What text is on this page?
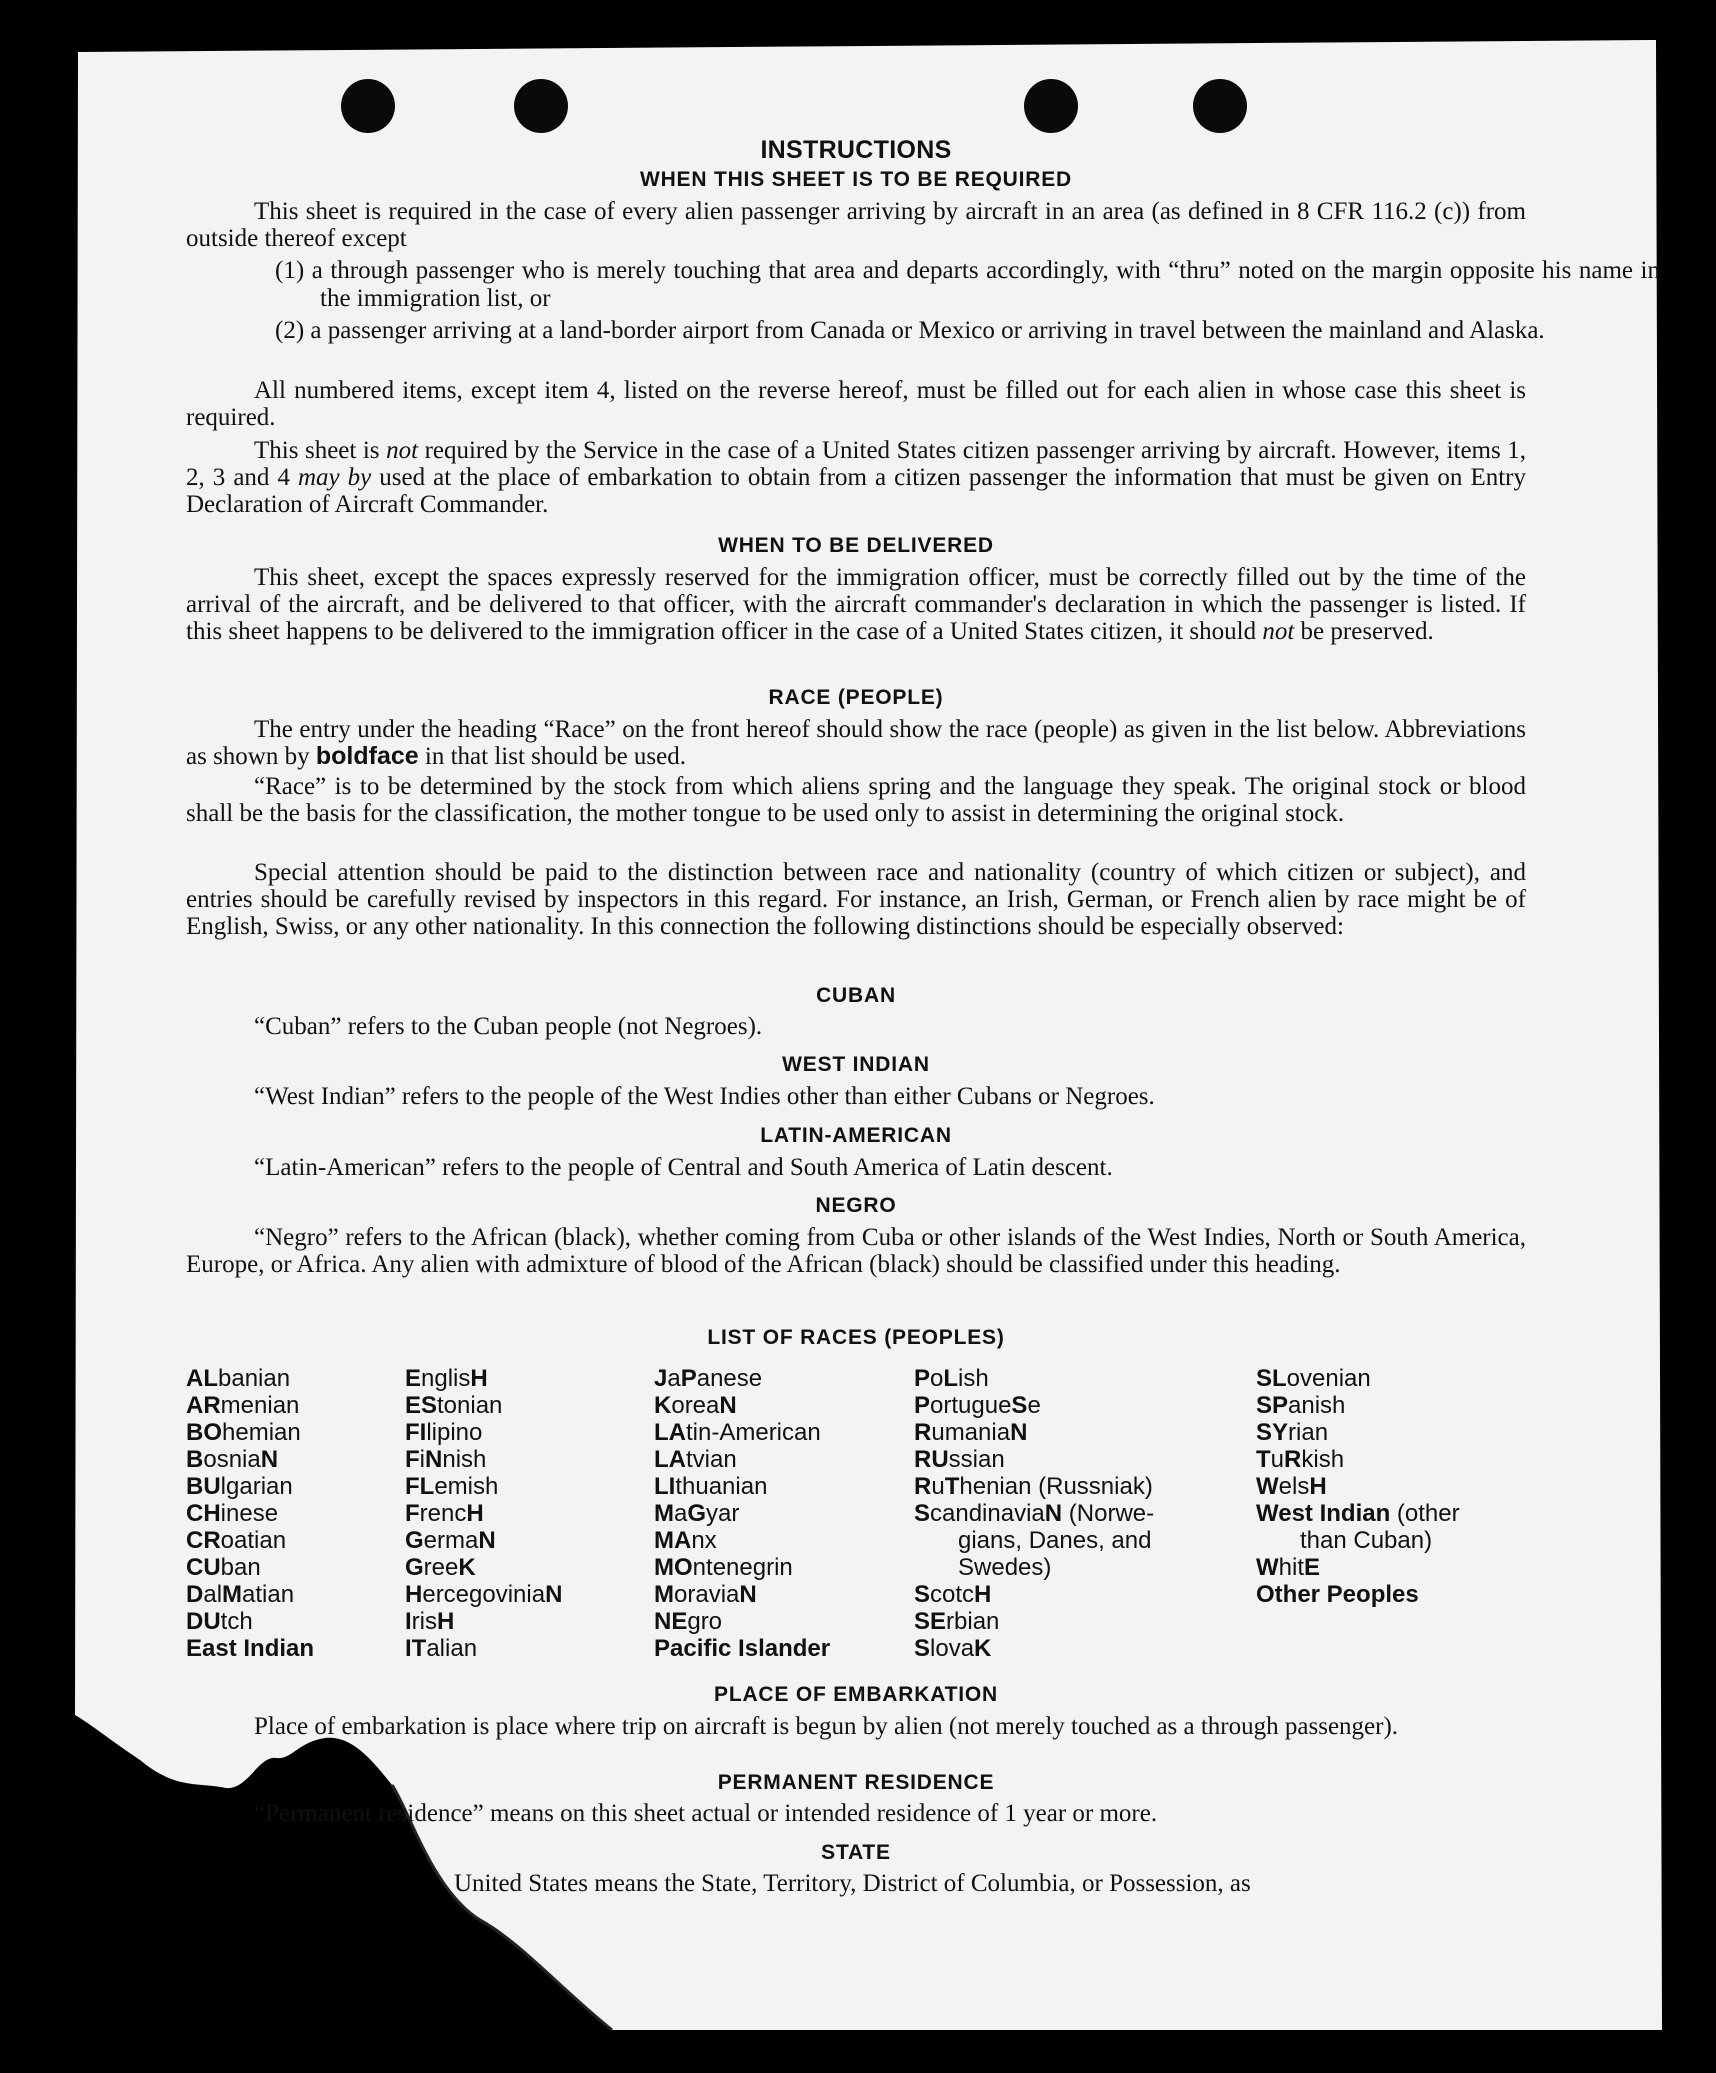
INSTRUCTIONS
WHEN THIS SHEET IS TO BE REQUIRED
This sheet is required in the case of every alien passenger arriving by aircraft in an area (as defined in 8 CFR 116.2 (c)) from outside thereof except
(1) a through passenger who is merely touching that area and departs accordingly, with “thru” noted on the margin opposite his name in the immigration list, or
(2) a passenger arriving at a land-border airport from Canada or Mexico or arriving in travel between the mainland and Alaska.
All numbered items, except item 4, listed on the reverse hereof, must be filled out for each alien in whose case this sheet is required.
This sheet is not required by the Service in the case of a United States citizen passenger arriving by aircraft. However, items 1, 2, 3 and 4 may by used at the place of embarkation to obtain from a citizen passenger the information that must be given on Entry Declaration of Aircraft Commander.
WHEN TO BE DELIVERED
This sheet, except the spaces expressly reserved for the immigration officer, must be correctly filled out by the time of the arrival of the aircraft, and be delivered to that officer, with the aircraft commander's declaration in which the passenger is listed. If this sheet happens to be delivered to the immigration officer in the case of a United States citizen, it should not be preserved.
RACE (PEOPLE)
The entry under the heading “Race” on the front hereof should show the race (people) as given in the list below. Abbreviations as shown by boldface in that list should be used.
“Race” is to be determined by the stock from which aliens spring and the language they speak. The original stock or blood shall be the basis for the classification, the mother tongue to be used only to assist in determining the original stock.
Special attention should be paid to the distinction between race and nationality (country of which citizen or subject), and entries should be carefully revised by inspectors in this regard. For instance, an Irish, German, or French alien by race might be of English, Swiss, or any other nationality. In this connection the following distinctions should be especially observed:
CUBAN
“Cuban” refers to the Cuban people (not Negroes).
WEST INDIAN
“West Indian” refers to the people of the West Indies other than either Cubans or Negroes.
LATIN-AMERICAN
“Latin-American” refers to the people of Central and South America of Latin descent.
NEGRO
“Negro” refers to the African (black), whether coming from Cuba or other islands of the West Indies, North or South America, Europe, or Africa. Any alien with admixture of blood of the African (black) should be classified under this heading.
LIST OF RACES (PEOPLES)
ALbanian
ARmenian
BOhemian
BosniaN
BUlgarian
CHinese
CRoatian
CUban
DalMatian
DUtch
East Indian
EnglisH
EStonian
FIlipino
FiNnish
FLemish
FrencH
GermaN
GreeK
HercegoviniaN
IrisH
ITalian
JaPanese
KoreaN
LAtin-American
LAtvian
LIthuanian
MaGyar
MAnx
MOntenegrin
MoraviaN
NEgro
Pacific Islander
PoLish
PortugueSe
RumaniaN
RUssian
RuThenian (Russniak)
ScandinaviaN (Norwe-
gians, Danes, and
Swedes)
ScotcH
SErbian
SlovaK
SLovenian
SPanish
SYrian
TuRkish
WelsH
West Indian (other
than Cuban)
WhitE
Other Peoples
PLACE OF EMBARKATION
Place of embarkation is place where trip on aircraft is begun by alien (not merely touched as a through passenger).
PERMANENT RESIDENCE
“Permanent residence” means on this sheet actual or intended residence of 1 year or more.
STATE
United States means the State, Territory, District of Columbia, or Possession, as
